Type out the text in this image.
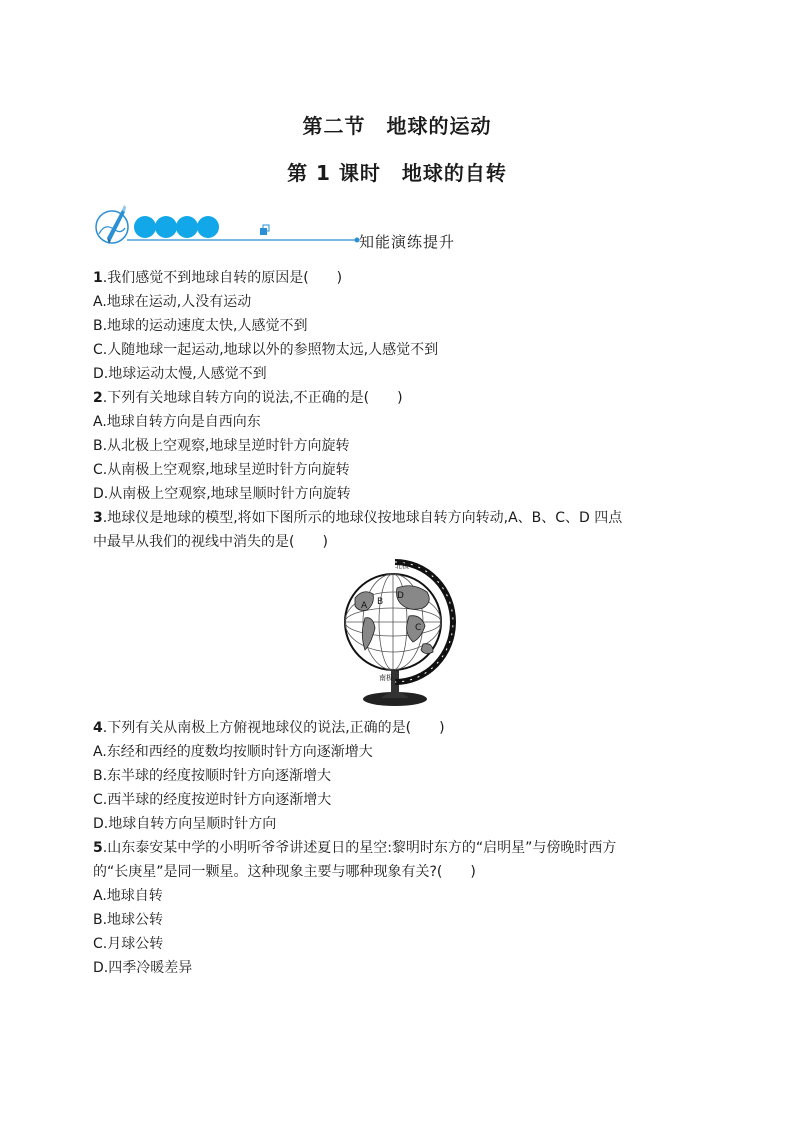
第二节　地球的运动
第 1 课时　地球的自转
知能演练提升
1.我们感觉不到地球自转的原因是(　　)
A.地球在运动,人没有运动
B.地球的运动速度太快,人感觉不到
C.人随地球一起运动,地球以外的参照物太远,人感觉不到
D.地球运动太慢,人感觉不到
2.下列有关地球自转方向的说法,不正确的是(　　)
A.地球自转方向是自西向东
B.从北极上空观察,地球呈逆时针方向旋转
C.从南极上空观察,地球呈逆时针方向旋转
D.从南极上空观察,地球呈顺时针方向旋转
3.地球仪是地球的模型,将如下图所示的地球仪按地球自转方向转动,A、B、C、D 四点
中最早从我们的视线中消失的是(　　)
A B
C
D
北极
南极
4.下列有关从南极上方俯视地球仪的说法,正确的是(　　)
A.东经和西经的度数均按顺时针方向逐渐增大
B.东半球的经度按顺时针方向逐渐增大
C.西半球的经度按逆时针方向逐渐增大
D.地球自转方向呈顺时针方向
5.山东泰安某中学的小明听爷爷讲述夏日的星空:黎明时东方的“启明星”与傍晚时西方
的“长庚星”是同一颗星。这种现象主要与哪种现象有关?(　　)
A.地球自转
B.地球公转
C.月球公转
D.四季冷暖差异
